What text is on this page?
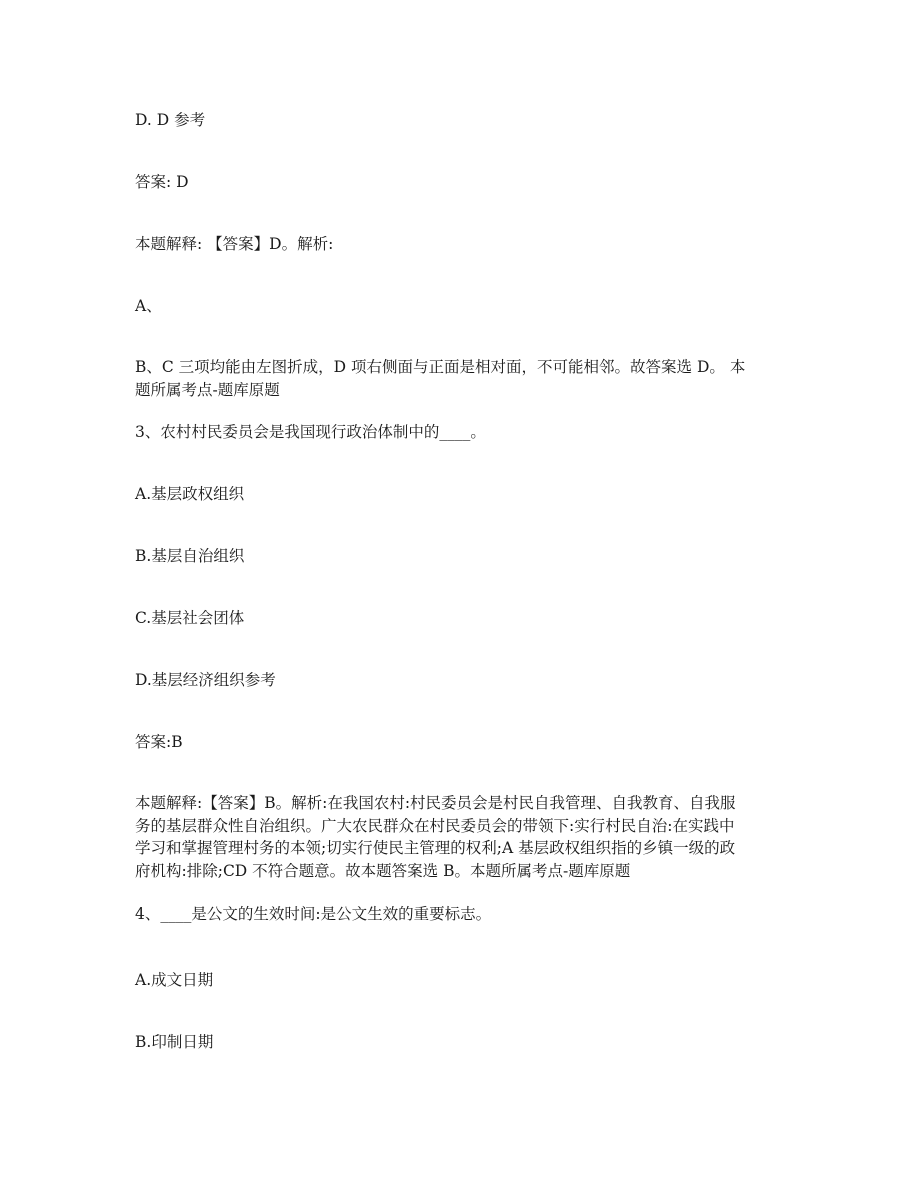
D. D 参考
答案: D
本题解释: 【答案】D。解析:
A、
B、C 三项均能由左图折成，D 项右侧面与正面是相对面，不可能相邻。故答案选 D。 本
题所属考点-题库原题
3、农村村民委员会是我国现行政治体制中的____。
A.基层政权组织
B.基层自治组织
C.基层社会团体
D.基层经济组织参考
答案:B
本题解释:【答案】B。解析:在我国农村:村民委员会是村民自我管理、自我教育、自我服
务的基层群众性自治组织。广大农民群众在村民委员会的带领下:实行村民自治:在实践中
学习和掌握管理村务的本领;切实行使民主管理的权利;A 基层政权组织指的乡镇一级的政
府机构:排除;CD 不符合题意。故本题答案选 B。本题所属考点-题库原题
4、____是公文的生效时间:是公文生效的重要标志。
A.成文日期
B.印制日期
